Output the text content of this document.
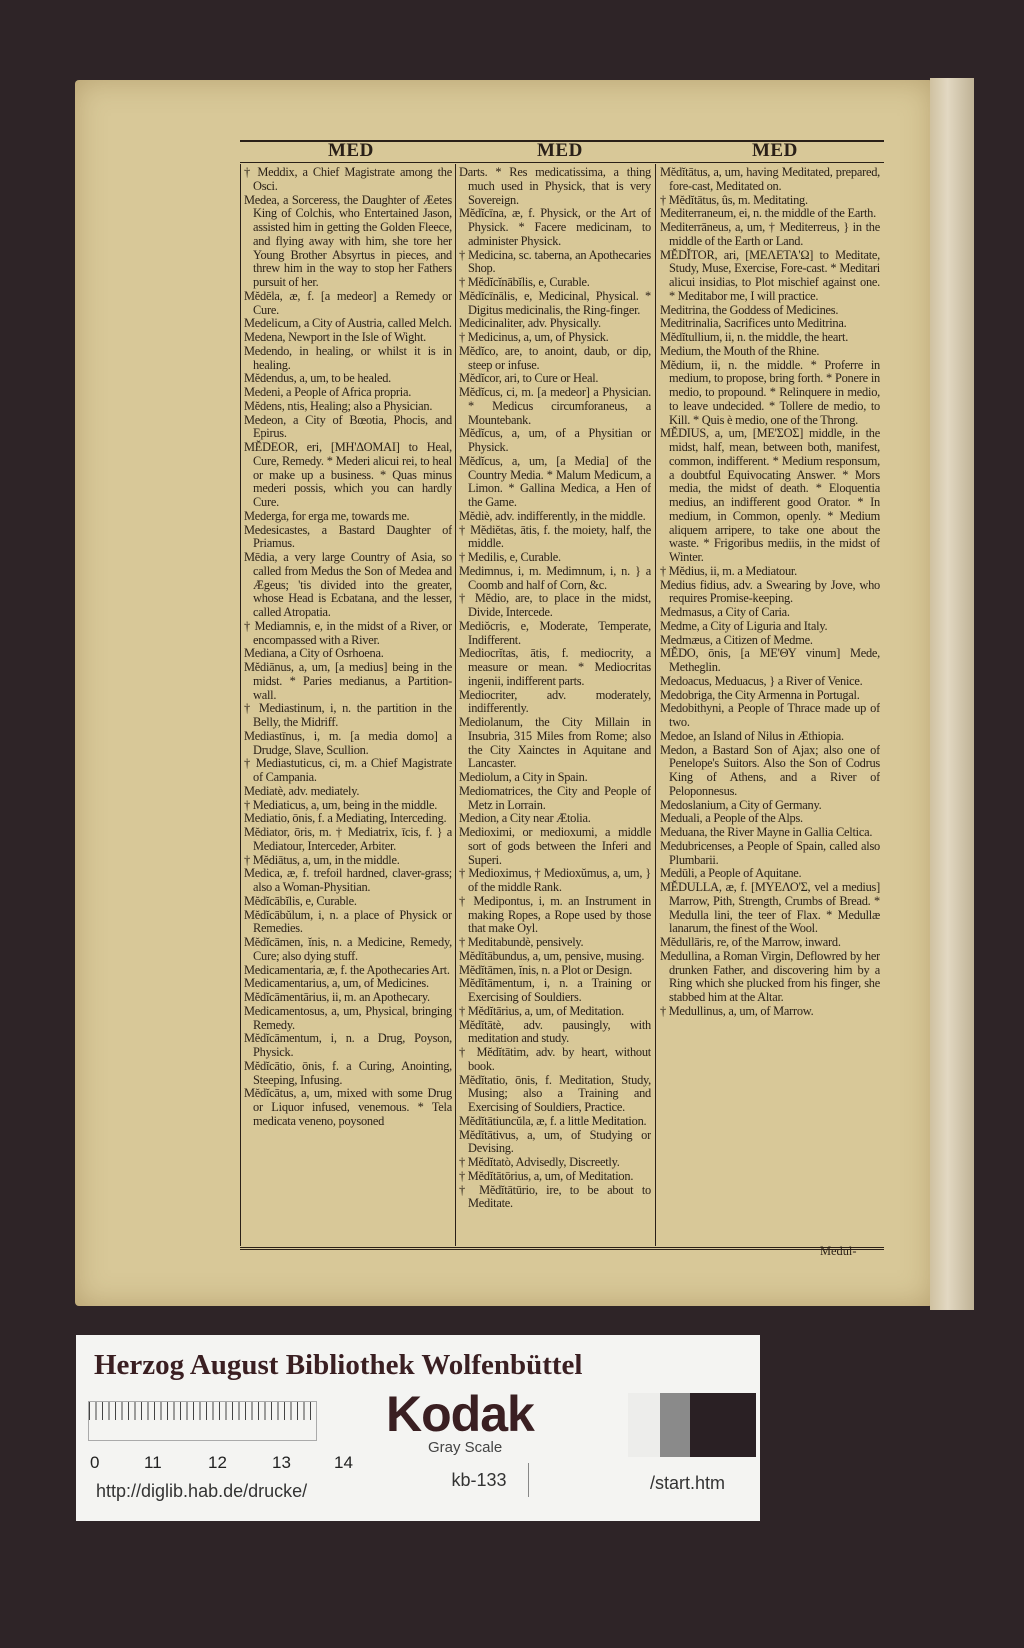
MED	MED	MED

† Meddix, a Chief Magistrate among the Osci.

Medea, a Sorceress, the Daughter of Æetes King of Colchis, who Entertained Jason, assisted him in getting the Golden Fleece, and flying away with him, she tore her Young Brother Absyrtus in pieces, and threw him in the way to stop her Fathers pursuit of her.

Mĕdēla, æ, f. [a medeor] a Remedy or Cure.

Medelicum, a City of Austria, called Melch.

Medena, Newport in the Isle of Wight.

Medendo, in healing, or whilst it is in healing.

Mĕdendus, a, um, to be healed.

Medeni, a People of Africa propria.

Mĕdens, ntis, Healing; also a Physician.

Medeon, a City of Bœotia, Phocis, and Epirus.

MĔDEOR, eri, [ΜΗ'ΔΟΜΑΙ] to Heal, Cure, Remedy. * Mederi alicui rei, to heal or make up a business. * Quas minus mederi possis, which you can hardly Cure.

Mederga, for erga me, towards me.

Medesicastes, a Bastard Daughter of Priamus.

Mēdia, a very large Country of Asia, so called from Medus the Son of Medea and Ægeus; 'tis divided into the greater, whose Head is Ecbatana, and the lesser, called Atropatia.

† Mediamnis, e, in the midst of a River, or encompassed with a River.

Mediana, a City of Osrhoena.

Mĕdiānus, a, um, [a medius] being in the midst. * Paries medianus, a Partition-wall.

† Mediastinum, i, n. the partition in the Belly, the Midriff.

Mediastīnus, i, m. [a media domo] a Drudge, Slave, Scullion.

† Mediastuticus, ci, m. a Chief Magistrate of Campania.

Mediatè, adv. mediately.

† Mediaticus, a, um, being in the middle.

Mediatio, ōnis, f. a Mediating, Interceding.

Mĕdiator, ōris, m. † Mediatrix, īcis, f. } a Mediatour, Interceder, Arbiter.

† Mĕdiātus, a, um, in the middle.

Medica, æ, f. trefoil hardned, claver-grass; also a Woman-Physitian.

Mĕdĭcābĭlis, e, Curable.

Mĕdĭcābŭlum, i, n. a place of Physick or Remedies.

Mĕdĭcāmen, ĭnis, n. a Medicine, Remedy, Cure; also dying stuff.

Medicamentaria, æ, f. the Apothecaries Art.

Medicamentarius, a, um, of Medicines.

Mĕdĭcāmentārius, ii, m. an Apothecary.

Medicamentosus, a, um, Physical, bringing Remedy.

Mĕdĭcāmentum, i, n. a Drug, Poyson, Physick.

Mĕdĭcātio, ōnis, f. a Curing, Anointing, Steeping, Infusing.

Mĕdĭcātus, a, um, mixed with some Drug or Liquor infused, venemous. * Tela medicata veneno, poysoned

Darts. * Res medicatissima, a thing much used in Physick, that is very Sovereign.

Mĕdĭcīna, æ, f. Physick, or the Art of Physick. * Facere medicinam, to administer Physick.

† Medicina, sc. taberna, an Apothecaries Shop.

† Mĕdĭcĭnābĭlis, e, Curable.

Mĕdĭcīnālis, e, Medicinal, Physical. * Digitus medicinalis, the Ring-finger.

Medicinaliter, adv. Physically.

† Medicinus, a, um, of Physick.

Mĕdĭco, are, to anoint, daub, or dip, steep or infuse.

Mĕdĭcor, ari, to Cure or Heal.

Mĕdĭcus, ci, m. [a medeor] a Physician. * Medicus circumforaneus, a Mountebank.

Mĕdĭcus, a, um, of a Physitian or Physick.

Mĕdĭcus, a, um, [a Media] of the Country Media. * Malum Medicum, a Limon. * Gallina Medica, a Hen of the Game.

Mĕdiè, adv. indifferently, in the middle.

† Mĕdiĕtas, ātis, f. the moiety, half, the middle.

† Medilis, e, Curable.

Medimnus, i, m. Medimnum, i, n. } a Coomb and half of Corn, &c.

† Mĕdio, are, to place in the midst, Divide, Intercede.

Mediŏcris, e, Moderate, Temperate, Indifferent.

Mediocrĭtas, ātis, f. mediocrity, a measure or mean. * Mediocritas ingenii, indifferent parts.

Mediocriter, adv. moderately, indifferently.

Mediolanum, the City Millain in Insubria, 315 Miles from Rome; also the City Xainctes in Aquitane and Lancaster.

Mediolum, a City in Spain.

Mediomatrices, the City and People of Metz in Lorrain.

Medion, a City near Ætolia.

Medioximi, or medioxumi, a middle sort of gods between the Inferi and Superi.

† Medioximus, † Medioxŭmus, a, um, } of the middle Rank.

† Medipontus, i, m. an Instrument in making Ropes, a Rope used by those that make Oyl.

† Meditabundè, pensively.

Mĕdĭtābundus, a, um, pensive, musing.

Mĕdĭtāmen, ĭnis, n. a Plot or Design.

Mĕdĭtāmentum, i, n. a Training or Exercising of Souldiers.

† Mĕdĭtārius, a, um, of Meditation.

Mĕdĭtātè, adv. pausingly, with meditation and study.

† Mĕdĭtātim, adv. by heart, without book.

Mĕdĭtatio, ōnis, f. Meditation, Study, Musing; also a Training and Exercising of Souldiers, Practice.

Mĕdĭtātiuncŭla, æ, f. a little Meditation.

Mĕdĭtātivus, a, um, of Studying or Devising.

† Mĕdĭtatò, Advisedly, Discreetly.

† Mĕdĭtātōrius, a, um, of Meditation.

† Mĕdĭtātūrio, ire, to be about to Meditate.

Mĕdĭtātus, a, um, having Meditated, prepared, fore-cast, Meditated on.

† Mĕdĭtātus, ûs, m. Meditating.

Mediterraneum, ei, n. the middle of the Earth.

Mediterrāneus, a, um, † Mediterreus, } in the middle of the Earth or Land.

MĔDĬTOR, ari, [ΜΕΛΕΤΑ'Ω] to Meditate, Study, Muse, Exercise, Fore-cast. * Meditari alicui insidias, to Plot mischief against one. * Meditabor me, I will practice.

Meditrina, the Goddess of Medicines.

Meditrinalia, Sacrifices unto Meditrina.

Mĕdĭtullium, ii, n. the middle, the heart.

Medium, the Mouth of the Rhine.

Mĕdium, ii, n. the middle. * Proferre in medium, to propose, bring forth. * Ponere in medio, to propound. * Relinquere in medio, to leave undecided. * Tollere de medio, to Kill. * Quis è medio, one of the Throng.

MĔDIUS, a, um, [ΜΕ'ΣΟΣ] middle, in the midst, half, mean, between both, manifest, common, indifferent. * Medium responsum, a doubtful Equivocating Answer. * Mors media, the midst of death. * Eloquentia medius, an indifferent good Orator. * In medium, in Common, openly. * Medium aliquem arripere, to take one about the waste. * Frigoribus mediis, in the midst of Winter.

† Mĕdius, ii, m. a Mediatour.

Medius fidius, adv. a Swearing by Jove, who requires Promise-keeping.

Medmasus, a City of Caria.

Medme, a City of Liguria and Italy.

Medmæus, a Citizen of Medme.

MĔDO, ōnis, [a ΜΕ'ΘΥ vinum] Mede, Metheglin.

Medoacus, Meduacus, } a River of Venice.

Medobriga, the City Armenna in Portugal.

Medobithyni, a People of Thrace made up of two.

Medoe, an Island of Nilus in Æthiopia.

Medon, a Bastard Son of Ajax; also one of Penelope's Suitors. Also the Son of Codrus King of Athens, and a River of Peloponnesus.

Medoslanium, a City of Germany.

Meduali, a People of the Alps.

Meduana, the River Mayne in Gallia Celtica.

Medubricenses, a People of Spain, called also Plumbarii.

Medūli, a People of Aquitane.

MĔDULLA, æ, f. [ΜΥΕΛΟ'Σ, vel a medius] Marrow, Pith, Strength, Crumbs of Bread. * Medulla lini, the teer of Flax. * Medullæ lanarum, the finest of the Wool.

Mĕdullāris, re, of the Marrow, inward.

Medullina, a Roman Virgin, Deflowred by her drunken Father, and discovering him by a Ring which she plucked from his finger, she stabbed him at the Altar.

† Medullinus, a, um, of Marrow.

Medul-
Herzog August Bibliothek Wolfenbüttel
0	11	12	13	14
Kodak
Gray Scale
kb-133
http://diglib.hab.de/drucke/	/start.htm
